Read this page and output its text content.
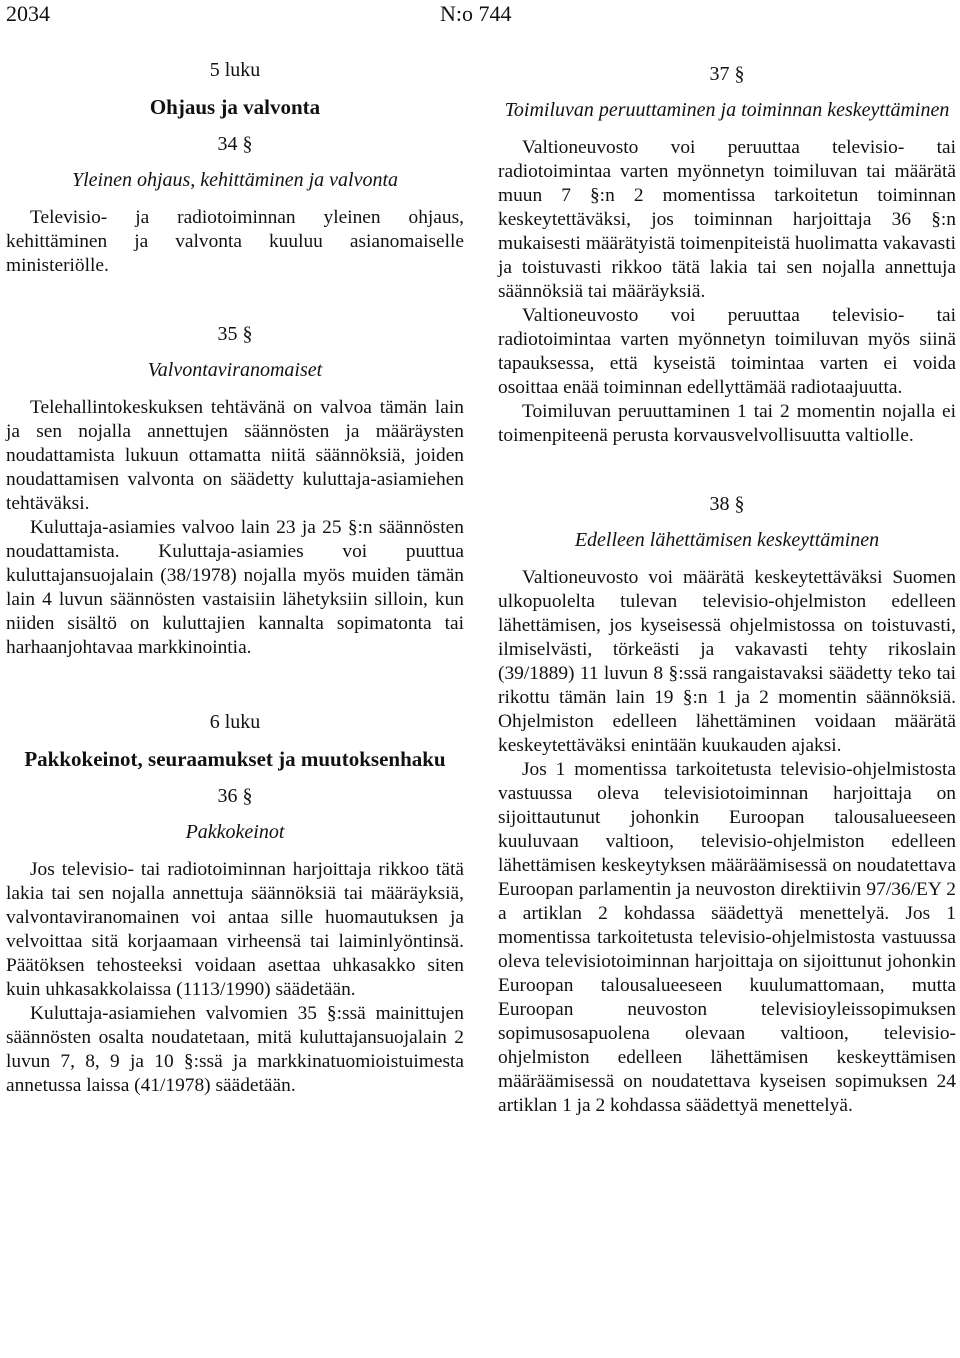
2034	N:o 744
5 luku
Ohjaus ja valvonta
34 §
Yleinen ohjaus, kehittäminen ja valvonta

Televisio- ja radiotoiminnan yleinen ohjaus, kehittäminen ja valvonta kuuluu asianomaiselle ministeriölle.

35 §
Valvontaviranomaiset

Telehallintokeskuksen tehtävänä on valvoa tämän lain ja sen nojalla annettujen säännösten ja määräysten noudattamista lukuun ottamatta niitä säännöksiä, joiden noudattamisen valvonta on säädetty kuluttaja-asiamiehen tehtäväksi.

Kuluttaja-asiamies valvoo lain 23 ja 25 §:n säännösten noudattamista. Kuluttaja-asiamies voi puuttua kuluttajansuojalain (38/1978) nojalla myös muiden tämän lain 4 luvun säännösten vastaisiin lähetyksiin silloin, kun niiden sisältö on kuluttajien kannalta sopimatonta tai harhaanjohtavaa markkinointia.

6 luku
Pakkokeinot, seuraamukset ja muutoksenhaku
36 §
Pakkokeinot

Jos televisio- tai radiotoiminnan harjoittaja rikkoo tätä lakia tai sen nojalla annettuja säännöksiä tai määräyksiä, valvontaviranomainen voi antaa sille huomautuksen ja velvoittaa sitä korjaamaan virheensä tai laiminlyöntinsä. Päätöksen tehosteeksi voidaan asettaa uhkasakko siten kuin uhkasakkolaissa (1113/1990) säädetään.

Kuluttaja-asiamiehen valvomien 35 §:ssä mainittujen säännösten osalta noudatetaan, mitä kuluttajansuojalain 2 luvun 7, 8, 9 ja 10 §:ssä ja markkinatuomioistuimesta annetussa laissa (41/1978) säädetään.

37 §
Toimiluvan peruuttaminen ja toiminnan keskeyttäminen

Valtioneuvosto voi peruuttaa televisio- tai radiotoimintaa varten myönnetyn toimiluvan tai määrätä muun 7 §:n 2 momentissa tarkoitetun toiminnan keskeytettäväksi, jos toiminnan harjoittaja 36 §:n mukaisesti määrätyistä toimenpiteistä huolimatta vakavasti ja toistuvasti rikkoo tätä lakia tai sen nojalla annettuja säännöksiä tai määräyksiä.

Valtioneuvosto voi peruuttaa televisio- tai radiotoimintaa varten myönnetyn toimiluvan myös siinä tapauksessa, että kyseistä toimintaa varten ei voida osoittaa enää toiminnan edellyttämää radiotaajuutta.

Toimiluvan peruuttaminen 1 tai 2 momentin nojalla ei toimenpiteenä perusta korvausvelvollisuutta valtiolle.

38 §
Edelleen lähettämisen keskeyttäminen

Valtioneuvosto voi määrätä keskeytettäväksi Suomen ulkopuolelta tulevan televisio-ohjelmiston edelleen lähettämisen, jos kyseisessä ohjelmistossa on toistuvasti, ilmiselvästi, törkeästi ja vakavasti tehty rikoslain (39/1889) 11 luvun 8 §:ssä rangaistavaksi säädetty teko tai rikottu tämän lain 19 §:n 1 ja 2 momentin säännöksiä. Ohjelmiston edelleen lähettäminen voidaan määrätä keskeytettäväksi enintään kuukauden ajaksi.

Jos 1 momentissa tarkoitetusta televisio-ohjelmistosta vastuussa oleva televisiotoiminnan harjoittaja on sijoittautunut johonkin Euroopan talousalueeseen kuuluvaan valtioon, televisio-ohjelmiston edelleen lähettämisen keskeytyksen määräämisessä on noudatettava Euroopan parlamentin ja neuvoston direktiivin 97/36/EY 2 a artiklan 2 kohdassa säädettyä menettelyä. Jos 1 momentissa tarkoitetusta televisio-ohjelmistosta vastuussa oleva televisiotoiminnan harjoittaja on sijoittunut johonkin Euroopan talousalueeseen kuulumattomaan, mutta Euroopan neuvoston televisioyleissopimuksen sopimusosapuolena olevaan valtioon, televisio-ohjelmiston edelleen lähettämisen keskeyttämisen määräämisessä on noudatettava kyseisen sopimuksen 24 artiklan 1 ja 2 kohdassa säädettyä menettelyä.
